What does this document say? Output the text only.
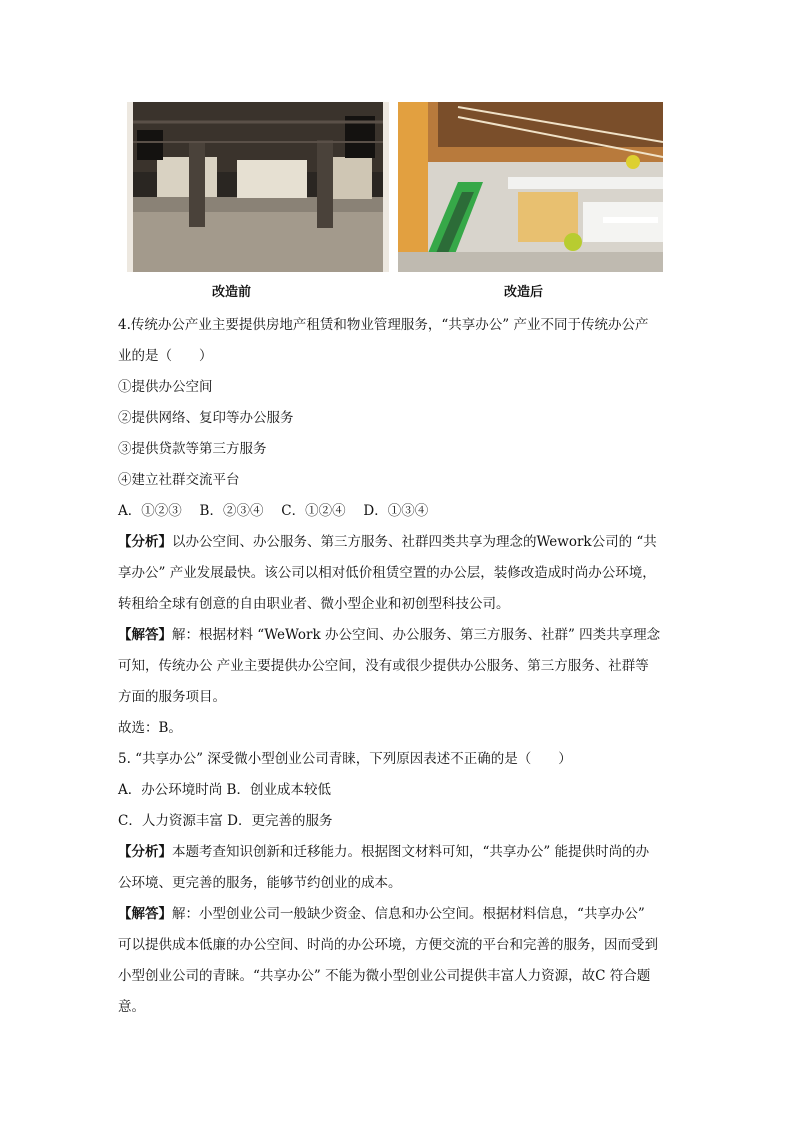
改造前	改造后
4.传统办公产业主要提供房地产租赁和物业管理服务，“共享办公” 产业不同于传统办公产
业的是（　　）
①提供办公空间
②提供网络、复印等办公服务
③提供贷款等第三方服务
④建立社群交流平台
A．①②③　 B．②③④　 C．①②④　 D．①③④
【分析】以办公空间、办公服务、第三方服务、社群四类共享为理念的Wework公司的 “共
享办公” 产业发展最快。该公司以相对低价租赁空置的办公层，装修改造成时尚办公环境，
转租给全球有创意的自由职业者、微小型企业和初创型科技公司。
【解答】解：根据材料 “WeWork 办公空间、办公服务、第三方服务、社群” 四类共享理念
可知，传统办公 产业主要提供办公空间，没有或很少提供办公服务、第三方服务、社群等
方面的服务项目。
故选：B。
5. “共享办公” 深受微小型创业公司青睐，下列原因表述不正确的是（　　）
A．办公环境时尚 B．创业成本较低
C．人力资源丰富 D．更完善的服务
【分析】本题考查知识创新和迁移能力。根据图文材料可知，“共享办公” 能提供时尚的办
公环境、更完善的服务，能够节约创业的成本。
【解答】解：小型创业公司一般缺少资金、信息和办公空间。根据材料信息，“共享办公”
可以提供成本低廉的办公空间、时尚的办公环境，方便交流的平台和完善的服务，因而受到
小型创业公司的青睐。“共享办公” 不能为微小型创业公司提供丰富人力资源，故C 符合题
意。
